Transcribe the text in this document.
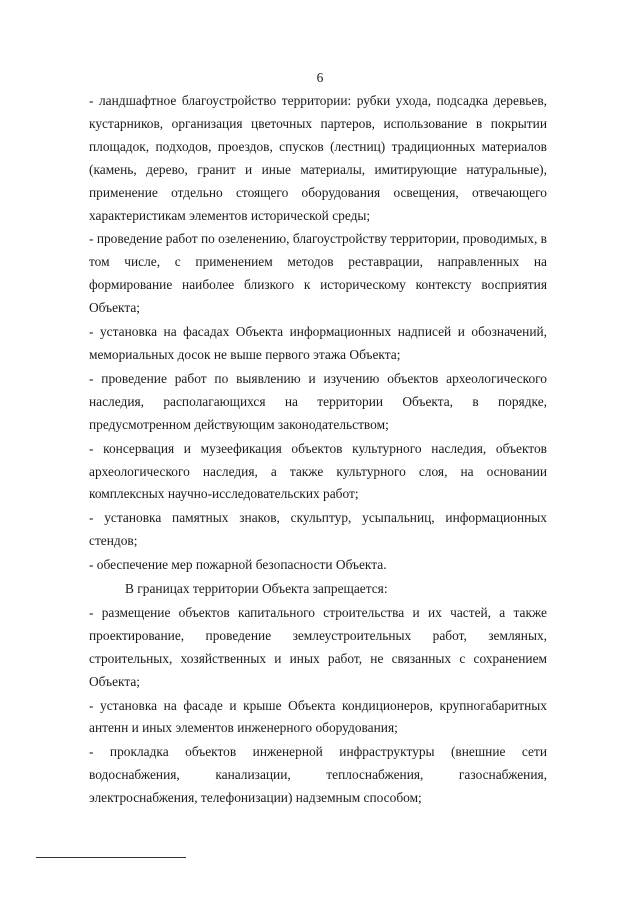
6

- ландшафтное благоустройство территории: рубки ухода, подсадка деревьев, кустарников, организация цветочных партеров, использование в покрытии площадок, подходов, проездов, спусков (лестниц) традиционных материалов (камень, дерево, гранит и иные материалы, имитирующие натуральные), применение отдельно стоящего оборудования освещения, отвечающего характеристикам элементов исторической среды;

- проведение работ по озеленению, благоустройству территории, проводимых, в том числе, с применением методов реставрации, направленных на формирование наиболее близкого к историческому контексту восприятия Объекта;

- установка на фасадах Объекта информационных надписей и обозначений, мемориальных досок не выше первого этажа Объекта;

- проведение работ по выявлению и изучению объектов археологического наследия, располагающихся на территории Объекта, в порядке, предусмотренном действующим законодательством;

- консервация и музеефикация объектов культурного наследия, объектов археологического наследия, а также культурного слоя, на основании комплексных научно-исследовательских работ;

- установка памятных знаков, скульптур, усыпальниц, информационных стендов;

- обеспечение мер пожарной безопасности Объекта.

В границах территории Объекта запрещается:

- размещение объектов капитального строительства и их частей, а также проектирование, проведение землеустроительных работ, земляных, строительных, хозяйственных и иных работ, не связанных с сохранением Объекта;

- установка на фасаде и крыше Объекта кондиционеров, крупногабаритных антенн и иных элементов инженерного оборудования;

- прокладка объектов инженерной инфраструктуры (внешние сети водоснабжения, канализации, теплоснабжения, газоснабжения, электроснабжения, телефонизации) надземным способом;
